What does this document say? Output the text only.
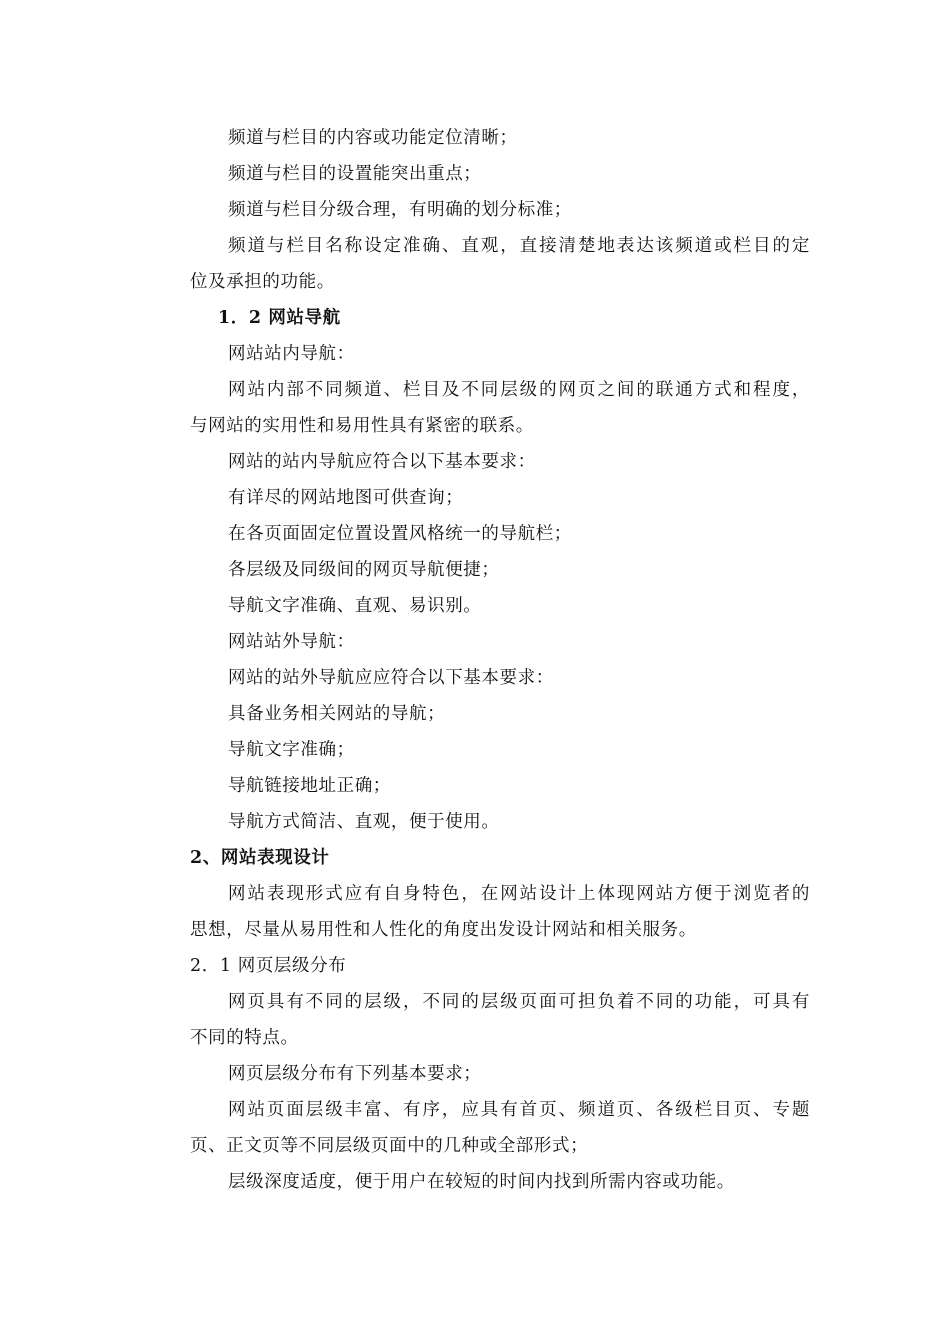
频道与栏目的内容或功能定位清晰；
频道与栏目的设置能突出重点；
频道与栏目分级合理，有明确的划分标准；
频道与栏目名称设定准确、直观，直接清楚地表达该频道或栏目的定
位及承担的功能。
1．2 网站导航
网站站内导航：
网站内部不同频道、栏目及不同层级的网页之间的联通方式和程度，
与网站的实用性和易用性具有紧密的联系。
网站的站内导航应符合以下基本要求：
有详尽的网站地图可供查询；
在各页面固定位置设置风格统一的导航栏；
各层级及同级间的网页导航便捷；
导航文字准确、直观、易识别。
网站站外导航：
网站的站外导航应应符合以下基本要求：
具备业务相关网站的导航；
导航文字准确；
导航链接地址正确；
导航方式简洁、直观，便于使用。
2、网站表现设计
网站表现形式应有自身特色，在网站设计上体现网站方便于浏览者的
思想，尽量从易用性和人性化的角度出发设计网站和相关服务。
2．1 网页层级分布
网页具有不同的层级，不同的层级页面可担负着不同的功能，可具有
不同的特点。
网页层级分布有下列基本要求；
网站页面层级丰富、有序，应具有首页、频道页、各级栏目页、专题
页、正文页等不同层级页面中的几种或全部形式；
层级深度适度，便于用户在较短的时间内找到所需内容或功能。
